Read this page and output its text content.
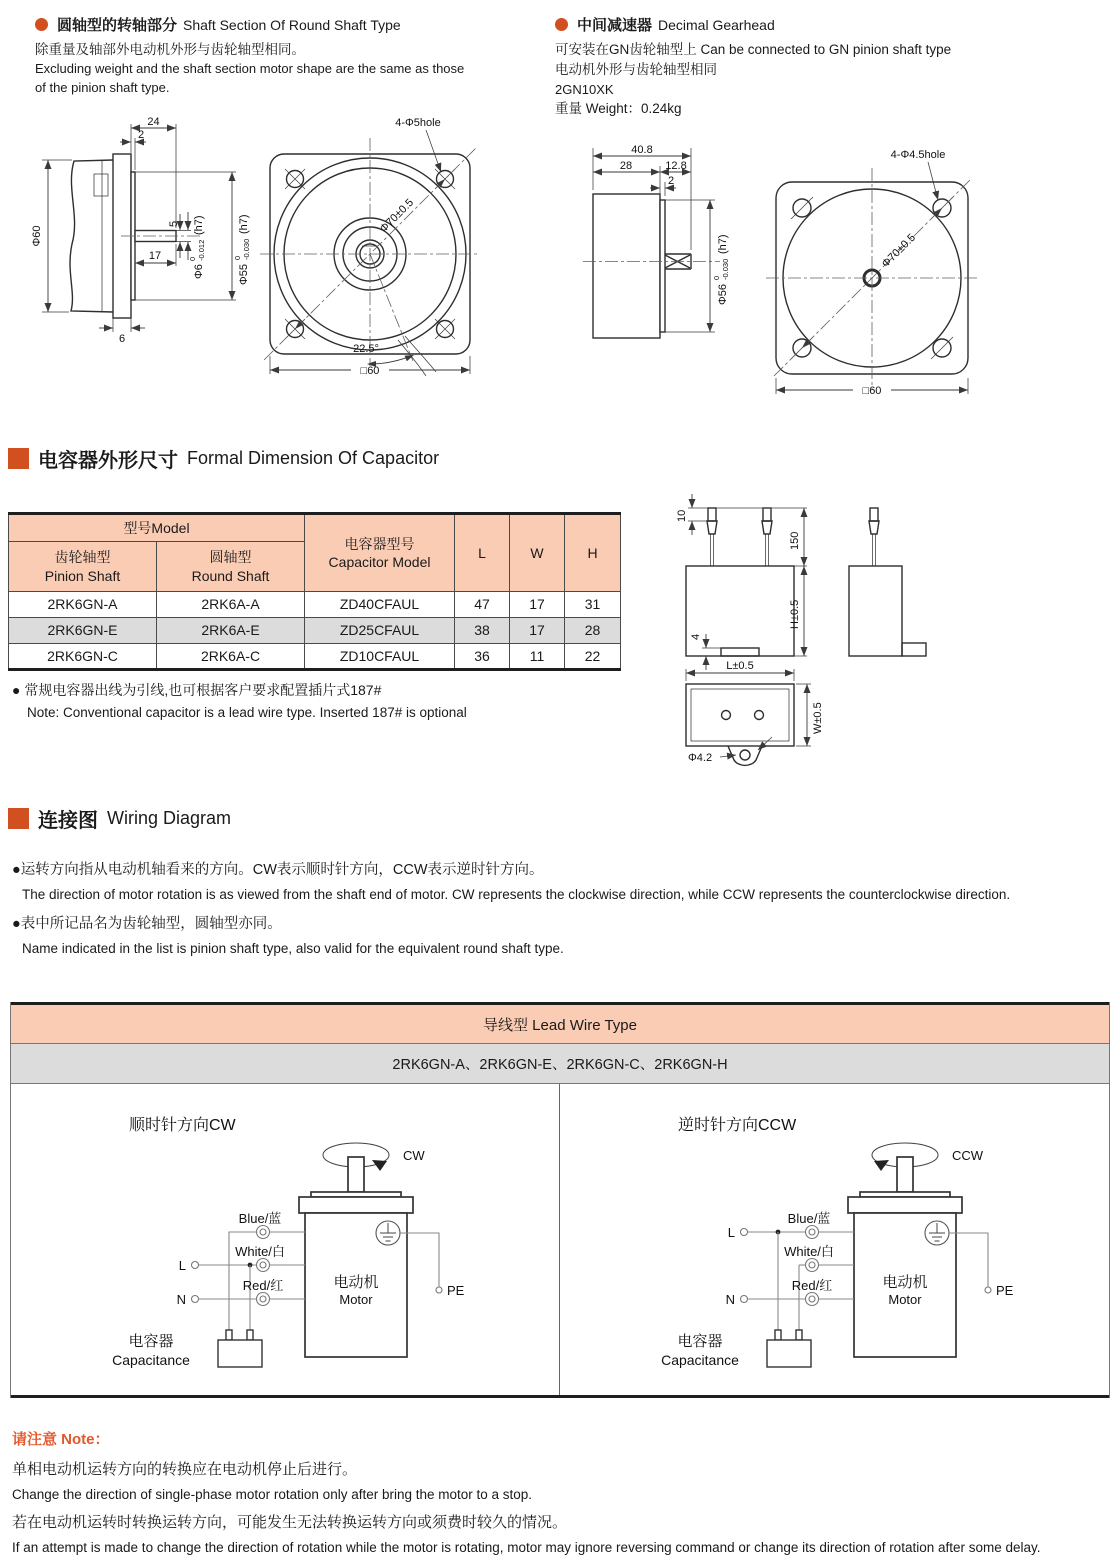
圆轴型的转轴部分 Shaft Section Of Round Shaft Type
除重量及轴部外电动机外形与齿轮轴型相同。
Excluding weight and the shaft section motor shape are the same as those
of the pinion shaft type.
中间减速器 Decimal Gearhead
可安装在GN齿轮轴型上 Can be connected to GN pinion shaft type
电动机外形与齿轮轴型相同
2GN10XK
重量 Weight：0.24kg
24
2
Φ60
6
17
5
Φ6
0 -0.012
(h7)
Φ55
0 -0.030
(h7)
4-Φ5hole
Φ70±0.5
22.5°
□60
40.8
28	12.8
2
Φ56
0 -0.030
(h7)
4-Φ4.5hole
Φ70±0.5
□60
电容器外形尺寸 Formal Dimension Of Capacitor
型号Model		电容器型号
Capacitor Model	L	W	H

齿轮轴型
Pinion Shaft	圆轴型
Round Shaft				

2RK6GN-A	2RK6A-A	ZD40CFAUL	47	17	31
2RK6GN-E	2RK6A-E	ZD25CFAUL	38	17	28
2RK6GN-C	2RK6A-C	ZD10CFAUL	36	11	22
● 常规电容器出线为引线,也可根据客户要求配置插片式187#
Note: Conventional capacitor is a lead wire type. Inserted 187# is optional
10
150
H±0.5
4
L±0.5
W±0.5
Φ4.2
连接图 Wiring Diagram
●运转方向指从电动机轴看来的方向。CW表示顺时针方向，CCW表示逆时针方向。
The direction of motor rotation is as viewed from the shaft end of motor. CW represents the clockwise direction, while CCW represents the counterclockwise direction.
●表中所记品名为齿轮轴型，圆轴型亦同。
Name indicated in the list is pinion shaft type, also valid for the equivalent round shaft type.
导线型 Lead Wire Type
2RK6GN-A、2RK6GN-E、2RK6GN-C、2RK6GN-H
顺时针方向CW
CW
PE
Blue/蓝
White/白
L
Red/红
N
电容器
Capacitance
电动机
Motor
逆时针方向CCW
CCW
PE
Blue/蓝
L
White/白
Red/红
N
电容器
Capacitance
电动机
Motor
请注意 Note：
单相电动机运转方向的转换应在电动机停止后进行。
Change the direction of single-phase motor rotation only after bring the motor to a stop.
若在电动机运转时转换运转方向，可能发生无法转换运转方向或须费时较久的情况。
If an attempt is made to change the direction of rotation while the motor is rotating, motor may ignore reversing command or change its direction of rotation after some delay.
